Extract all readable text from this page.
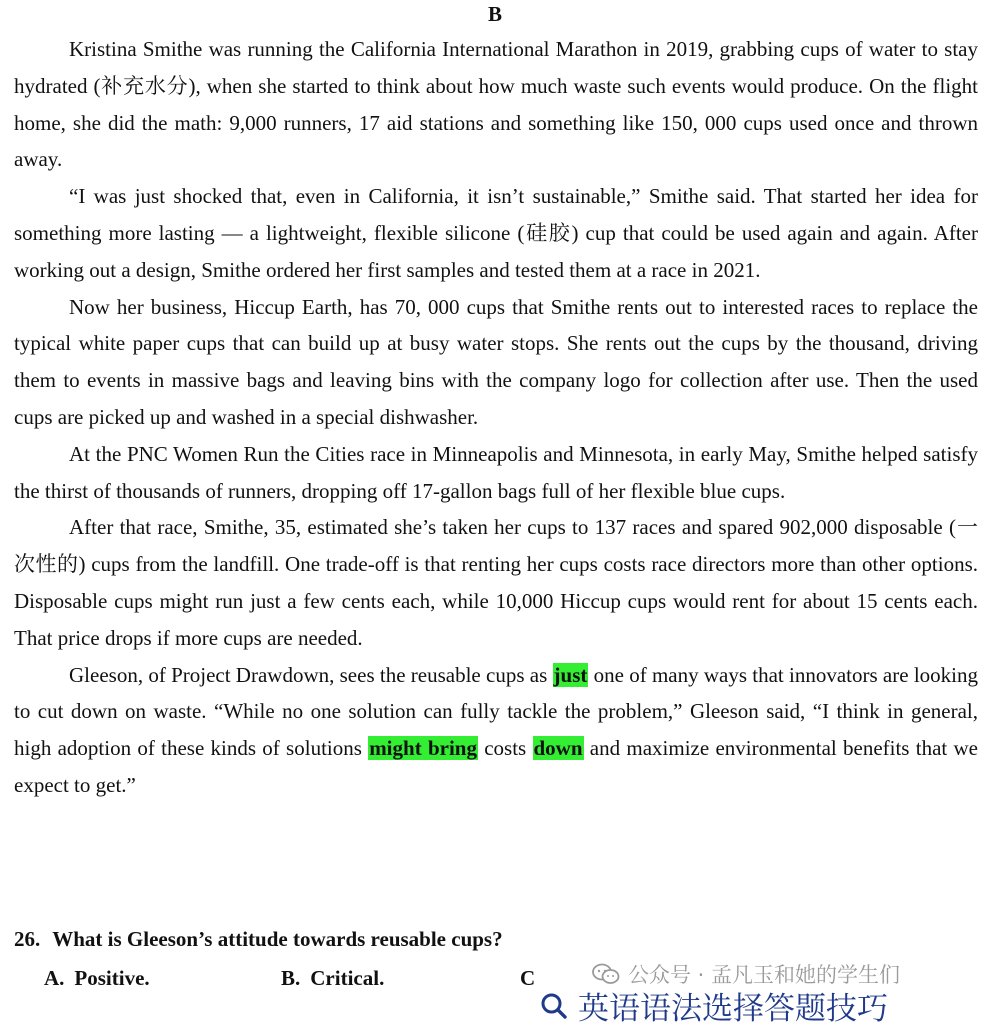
B

Kristina Smithe was running the California International Marathon in 2019, grabbing cups of water to stay hydrated (补充水分), when she started to think about how much waste such events would produce. On the flight home, she did the math: 9,000 runners, 17 aid stations and something like 150, 000 cups used once and thrown away.

“I was just shocked that, even in California, it isn’t sustainable,” Smithe said. That started her idea for something more lasting — a lightweight, flexible silicone (硅胶) cup that could be used again and again. After working out a design, Smithe ordered her first samples and tested them at a race in 2021.

Now her business, Hiccup Earth, has 70, 000 cups that Smithe rents out to interested races to replace the typical white paper cups that can build up at busy water stops. She rents out the cups by the thousand, driving them to events in massive bags and leaving bins with the company logo for collection after use. Then the used cups are picked up and washed in a special dishwasher.

At the PNC Women Run the Cities race in Minneapolis and Minnesota, in early May, Smithe helped satisfy the thirst of thousands of runners, dropping off 17-gallon bags full of her flexible blue cups.

After that race, Smithe, 35, estimated she’s taken her cups to 137 races and spared 902,000 disposable (一次性的) cups from the landfill. One trade-off is that renting her cups costs race directors more than other options. Disposable cups might run just a few cents each, while 10,000 Hiccup cups would rent for about 15 cents each. That price drops if more cups are needed.

Gleeson, of Project Drawdown, sees the reusable cups as just one of many ways that innovators are looking to cut down on waste. “While no one solution can fully tackle the problem,” Gleeson said, “I think in general, high adoption of these kinds of solutions might bring costs down and maximize environmental benefits that we expect to get.”

26. What is Gleeson’s attitude towards reusable cups?
A. Positive.	B. Critical.	C	公众号 · 孟凡玉和她的学生们
英语语法选择答题技巧
